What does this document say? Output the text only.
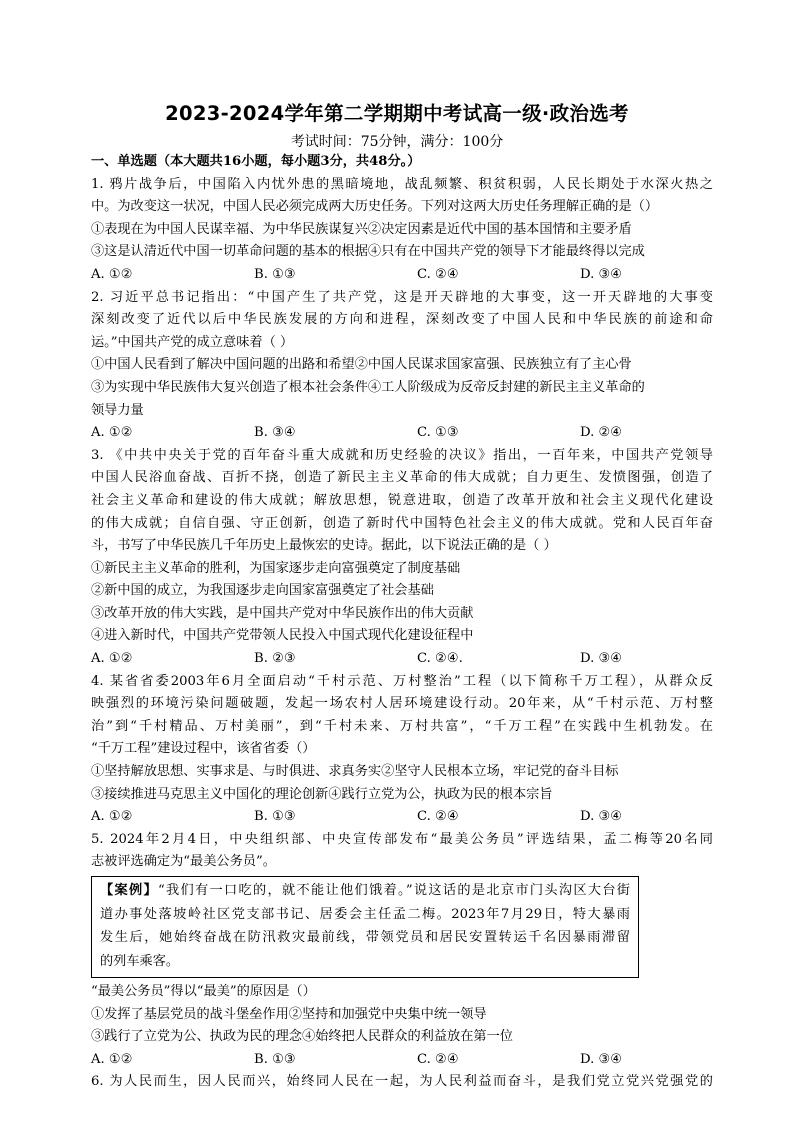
2023-2024学年第二学期期中考试高一级·政治选考
考试时间：75分钟，满分：100分
一、单选题（本大题共16小题，每小题3分，共48分。）
1. 鸦片战争后，中国陷入内忧外患的黑暗境地，战乱频繁、积贫积弱，人民长期处于水深火热之
中。为改变这一状况，中国人民必须完成两大历史任务。下列对这两大历史任务理解正确的是（）
①表现在为中国人民谋幸福、为中华民族谋复兴②决定因素是近代中国的基本国情和主要矛盾
③这是认清近代中国一切革命问题的基本的根据④只有在中国共产党的领导下才能最终得以完成
A. ①②	B. ①③	C. ②④	D. ③④
2. 习近平总书记指出：“中国产生了共产党，这是开天辟地的大事变，这一开天辟地的大事变
深刻改变了近代以后中华民族发展的方向和进程，深刻改变了中国人民和中华民族的前途和命
运。”中国共产党的成立意味着（ ）
①中国人民看到了解决中国问题的出路和希望②中国人民谋求国家富强、民族独立有了主心骨
③为实现中华民族伟大复兴创造了根本社会条件④工人阶级成为反帝反封建的新民主主义革命的
领导力量
A. ①②	B. ③④	C. ①③	D. ②④
3. 《中共中央关于党的百年奋斗重大成就和历史经验的决议》指出，一百年来，中国共产党领导
中国人民浴血奋战、百折不挠，创造了新民主主义革命的伟大成就；自力更生、发愤图强，创造了
社会主义革命和建设的伟大成就；解放思想，锐意进取，创造了改革开放和社会主义现代化建设
的伟大成就；自信自强、守正创新，创造了新时代中国特色社会主义的伟大成就。党和人民百年奋
斗，书写了中华民族几千年历史上最恢宏的史诗。据此，以下说法正确的是（ ）
①新民主主义革命的胜利，为国家逐步走向富强奠定了制度基础
②新中国的成立，为我国逐步走向国家富强奠定了社会基础
③改革开放的伟大实践，是中国共产党对中华民族作出的伟大贡献
④进入新时代，中国共产党带领人民投入中国式现代化建设征程中
A. ①②	B. ②③	C. ②④.	D. ③④
4. 某省省委2003年6月全面启动“千村示范、万村整治”工程（以下简称千万工程），从群众反
映强烈的环境污染问题破题，发起一场农村人居环境建设行动。20年来，从“千村示范、万村整
治”到“千村精品、万村美丽”，到“千村未来、万村共富”，“千万工程”在实践中生机勃发。在
“千万工程”建设过程中，该省省委（）
①坚持解放思想、实事求是、与时俱进、求真务实②坚守人民根本立场，牢记党的奋斗目标
③接续推进马克思主义中国化的理论创新④践行立党为公，执政为民的根本宗旨
A. ①②	B. ①③	C. ②④	D. ③④
5. 2024年2月4日，中央组织部、中央宣传部发布“最美公务员”评选结果，孟二梅等20名同
志被评选确定为“最美公务员”。
【案例】“我们有一口吃的，就不能让他们饿着。”说这话的是北京市门头沟区大台街
道办事处落坡岭社区党支部书记、居委会主任孟二梅。2023年7月29日，特大暴雨
发生后，她始终奋战在防汛救灾最前线，带领党员和居民安置转运千名因暴雨滞留
的列车乘客。
“最美公务员”得以“最美”的原因是（）
①发挥了基层党员的战斗堡垒作用②坚持和加强党中央集中统一领导
③践行了立党为公、执政为民的理念④始终把人民群众的利益放在第一位
A. ①②	B. ①③	C. ②④	D. ③④
6. 为人民而生，因人民而兴，始终同人民在一起，为人民利益而奋斗，是我们党立党兴党强党的
